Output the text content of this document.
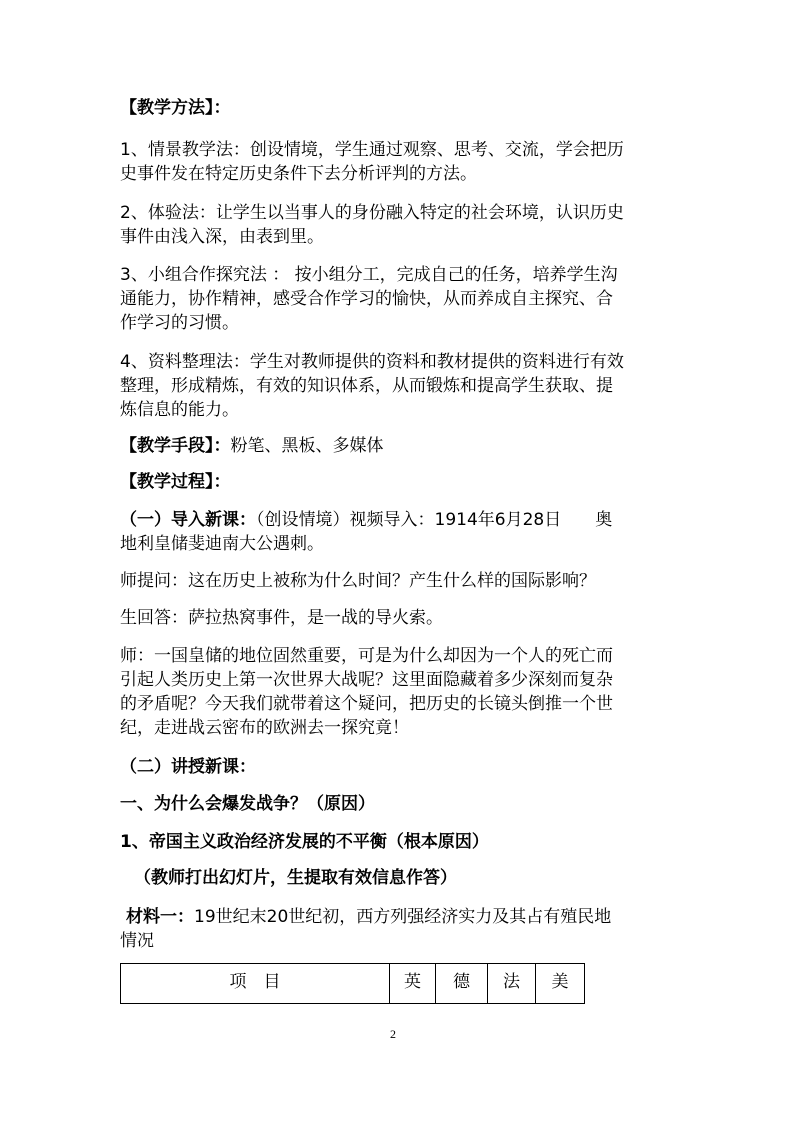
【教学方法】：
1、情景教学法：创设情境，学生通过观察、思考、交流，学会把历
史事件发在特定历史条件下去分析评判的方法。
2、体验法：让学生以当事人的身份融入特定的社会环境，认识历史
事件由浅入深，由表到里。
3、小组合作探究法 ： 按小组分工，完成自己的任务，培养学生沟
通能力，协作精神，感受合作学习的愉快，从而养成自主探究、合
作学习的习惯。
4、资料整理法：学生对教师提供的资料和教材提供的资料进行有效
整理，形成精炼，有效的知识体系，从而锻炼和提高学生获取、提
炼信息的能力。
【教学手段】：粉笔、黑板、多媒体
【教学过程】：
（一）导入新课：（创设情境）视频导入：1914年6月28日　　奥
地利皇储斐迪南大公遇刺。
师提问：这在历史上被称为什么时间？产生什么样的国际影响？
生回答：萨拉热窝事件，是一战的导火索。
师：一国皇储的地位固然重要，可是为什么却因为一个人的死亡而
引起人类历史上第一次世界大战呢？这里面隐藏着多少深刻而复杂
的矛盾呢？今天我们就带着这个疑问，把历史的长镜头倒推一个世
纪，走进战云密布的欧洲去一探究竟！
（二）讲授新课：
一、为什么会爆发战争？（原因）
1、帝国主义政治经济发展的不平衡（根本原因）
（教师打出幻灯片，生提取有效信息作答）
材料一：19世纪末20世纪初，西方列强经济实力及其占有殖民地
情况
项　目	英	德	法	美
2
